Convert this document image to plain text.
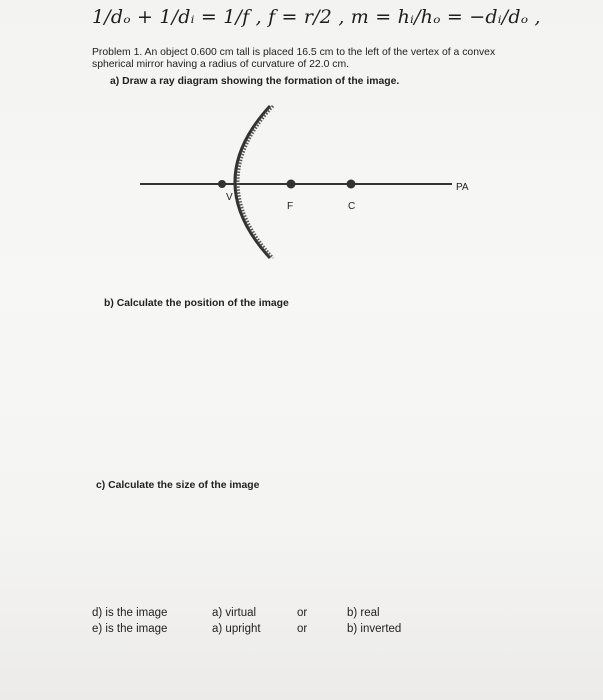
1/dₒ + 1/dᵢ = 1/f , f = r/2 , m = hᵢ/hₒ = −dᵢ/dₒ ,
Problem 1. An object 0.600 cm tall is placed 16.5 cm to the left of the vertex of a convex
spherical mirror having a radius of curvature of 22.0 cm.
a) Draw a ray diagram showing the formation of the image.
V
F	C
PA
b) Calculate the position of the image
c) Calculate the size of the image
d) is the image	a) virtual	or	b) real
e) is the image	a) upright	or	b) inverted
